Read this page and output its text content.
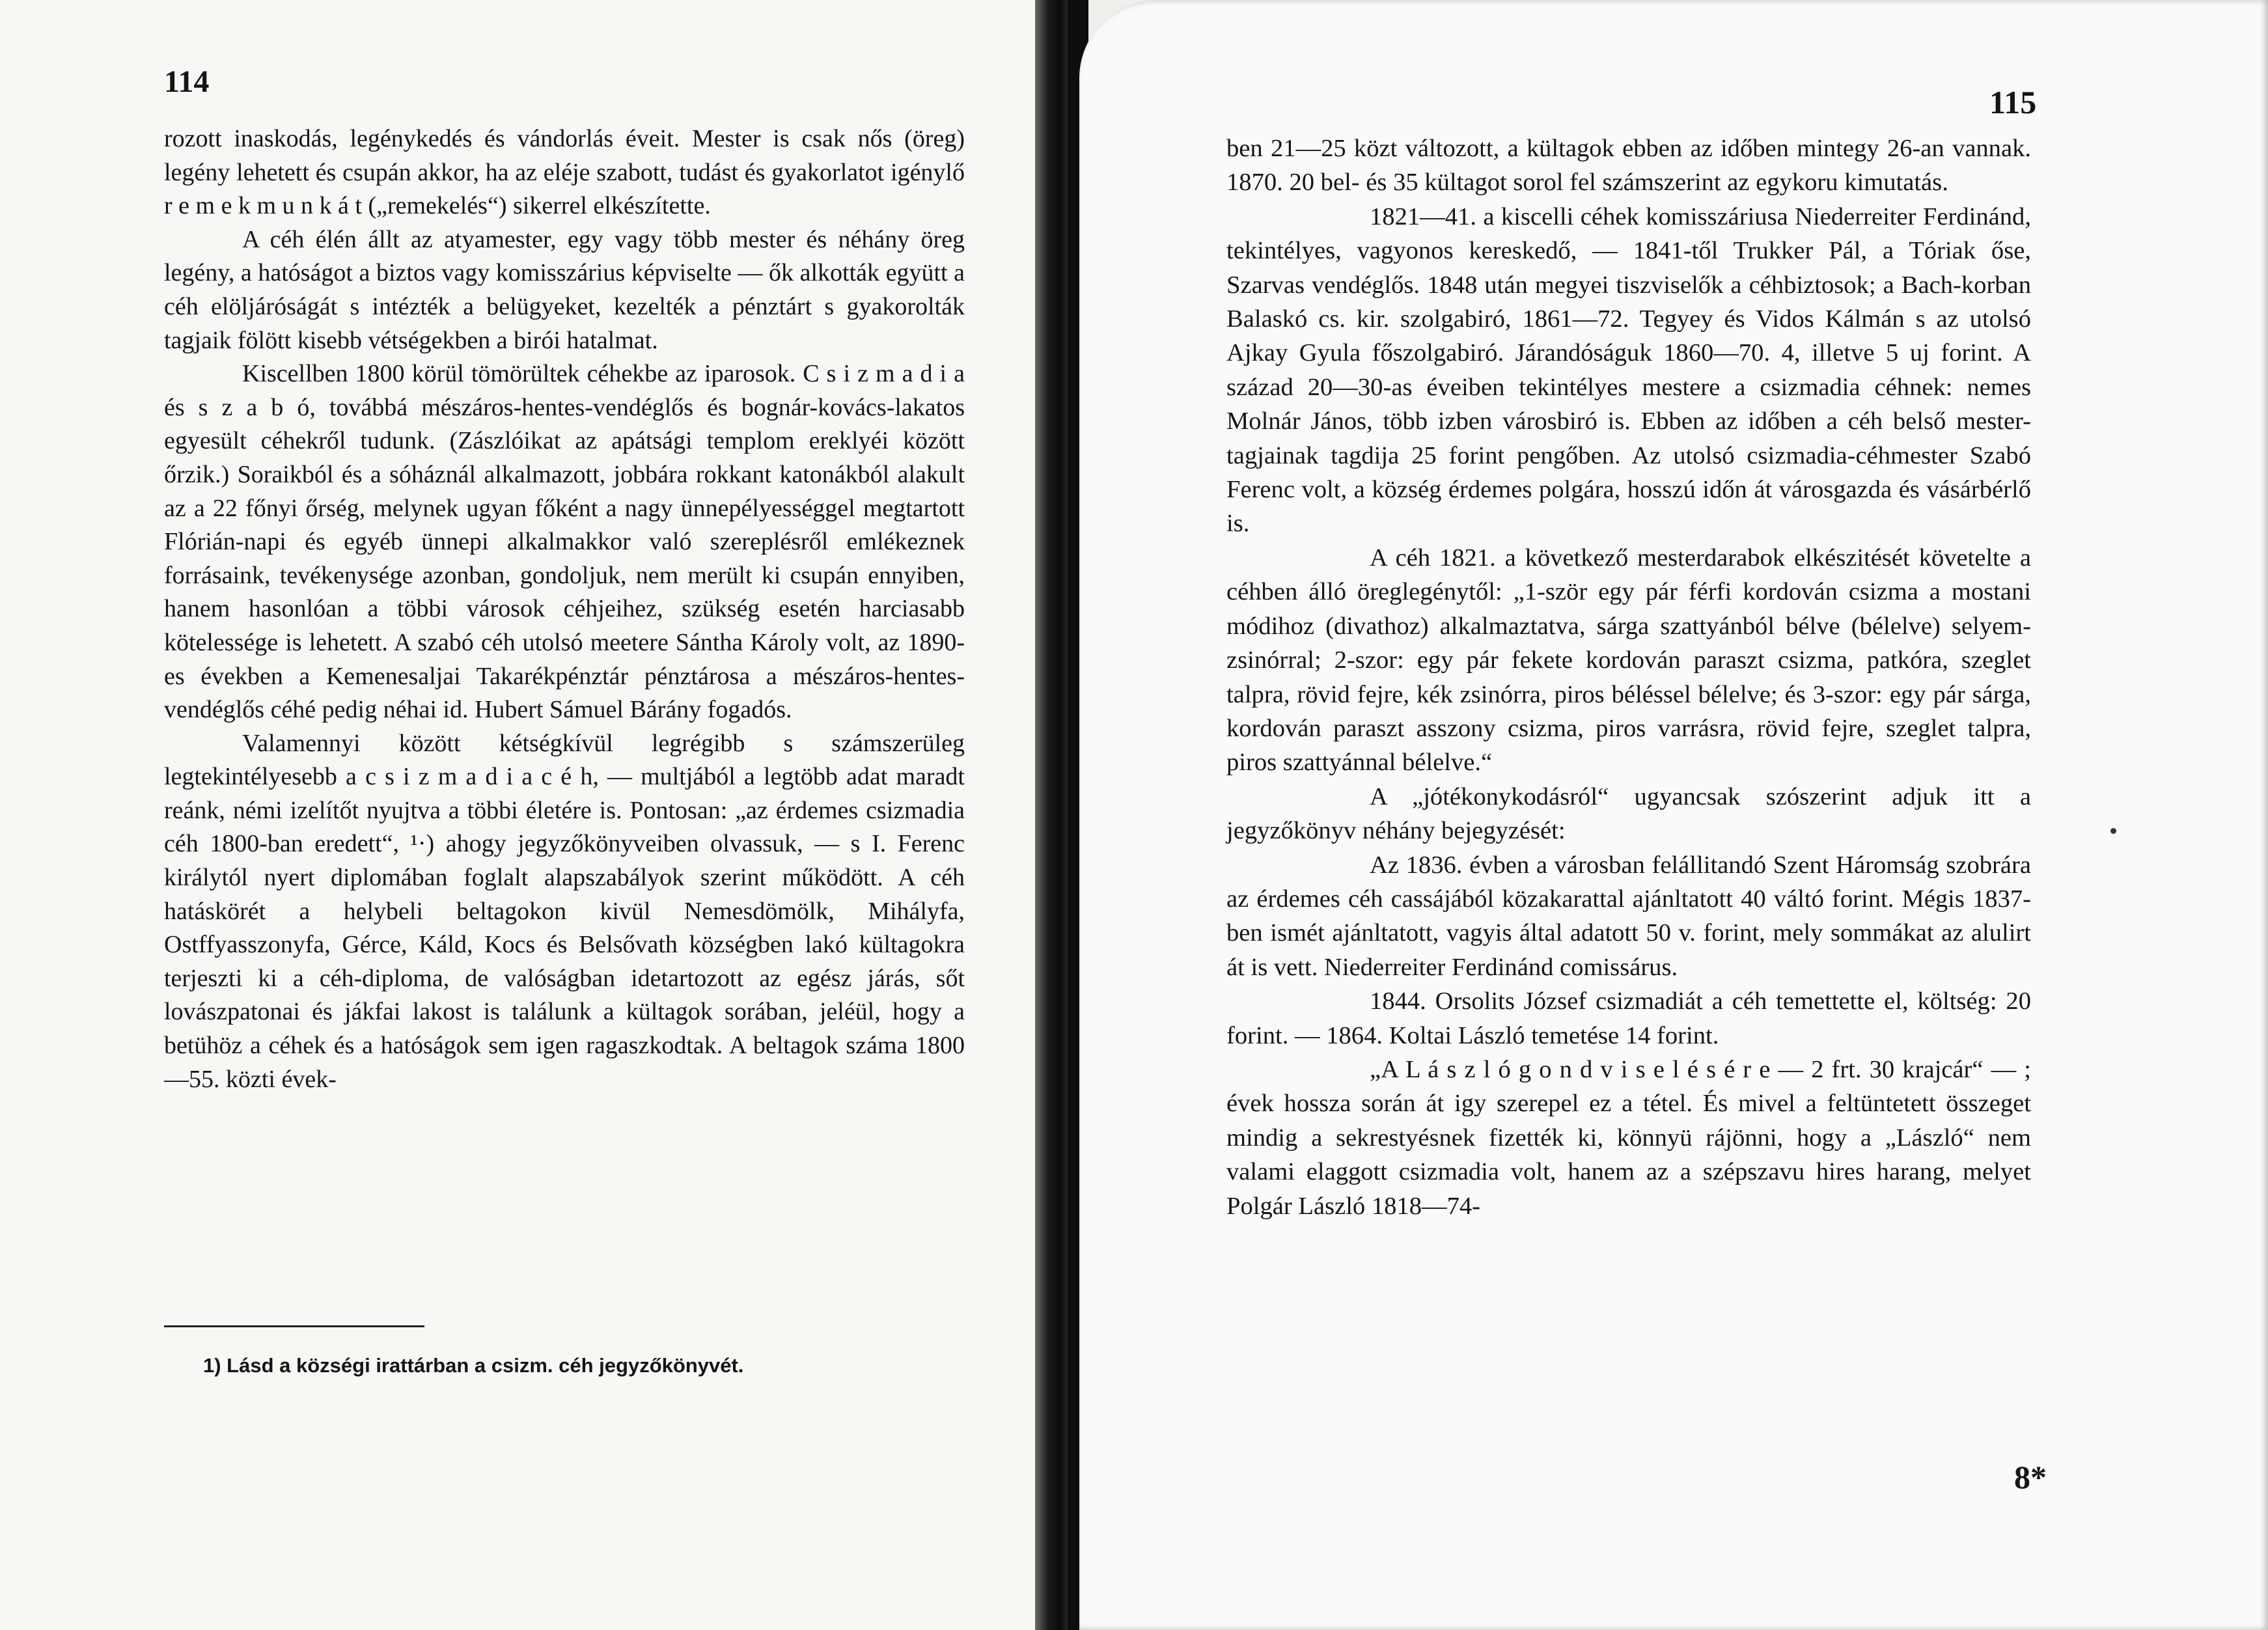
114

rozott inaskodás, legénykedés és vándorlás éveit. Mester is csak nős (öreg) legény lehetett és csupán akkor, ha az eléje szabott, tudást és gyakorlatot igénylő r e m e k m u n k á t („remekelés“) sikerrel elkészítette.

A céh élén állt az atyamester, egy vagy több mester és néhány öreg legény, a hatóságot a biztos vagy komisszárius képviselte — ők alkották együtt a céh elöljáróságát s intézték a belügyeket, kezelték a pénztárt s gyakorolták tagjaik fölött kisebb vétségekben a birói hatalmat.

Kiscellben 1800 körül tömörültek céhekbe az iparosok. C s i z m a d i a és s z a b ó, továbbá mészáros-hentes-vendéglős és bognár-kovács-lakatos egyesült céhekről tudunk. (Zászlóikat az apátsági templom ereklyéi között őrzik.) Soraikból és a sóháznál alkalmazott, jobbára rokkant katonákból alakult az a 22 főnyi őrség, melynek ugyan főként a nagy ünnepélyességgel megtartott Flórián-napi és egyéb ünnepi alkalmakkor való szereplésről emlékeznek forrásaink, tevékenysége azonban, gondoljuk, nem merült ki csupán ennyiben, hanem hasonlóan a többi városok céhjeihez, szükség esetén harciasabb kötelessége is lehetett. A szabó céh utolsó meetere Sántha Károly volt, az 1890-es években a Kemenesaljai Takarékpénztár pénztárosa a mészáros-hentes-vendéglős céhé pedig néhai id. Hubert Sámuel Bárány fogadós.

Valamennyi között kétségkívül legrégibb s számszerüleg legtekintélyesebb a c s i z m a d i a c é h, — multjából a legtöbb adat maradt reánk, némi izelítőt nyujtva a többi életére is. Pontosan: „az érdemes csizmadia céh 1800-ban eredett“, ¹·) ahogy jegyzőkönyveiben olvassuk, — s I. Ferenc királytól nyert diplomában foglalt alapszabályok szerint működött. A céh hatáskörét a helybeli beltagokon kivül Nemesdömölk, Mihályfa, Ostffyasszonyfa, Gérce, Káld, Kocs és Belsővath községben lakó kültagokra terjeszti ki a céh-diploma, de valóságban idetartozott az egész járás, sőt lovászpatonai és jákfai lakost is találunk a kültagok sorában, jeléül, hogy a betühöz a céhek és a hatóságok sem igen ragaszkodtak. A beltagok száma 1800—55. közti évek-

1) Lásd a községi irattárban a csizm. céh jegyzőkönyvét.
115

ben 21—25 közt változott, a kültagok ebben az időben mintegy 26-an vannak. 1870. 20 bel- és 35 kültagot sorol fel számszerint az egykoru kimutatás.

1821—41. a kiscelli céhek komisszáriusa Niederreiter Ferdinánd, tekintélyes, vagyonos kereskedő, — 1841-től Trukker Pál, a Tóriak őse, Szarvas vendéglős. 1848 után megyei tiszviselők a céhbiztosok; a Bach-korban Balaskó cs. kir. szolgabiró, 1861—72. Tegyey és Vidos Kálmán s az utolsó Ajkay Gyula főszolgabiró. Járandóságuk 1860—70. 4, illetve 5 uj forint. A század 20—30-as éveiben tekintélyes mestere a csizmadia céhnek: nemes Molnár János, több izben városbiró is. Ebben az időben a céh belső mester-tagjainak tagdija 25 forint pengőben. Az utolsó csizmadia-céhmester Szabó Ferenc volt, a község érdemes polgára, hosszú időn át városgazda és vásárbérlő is.

A céh 1821. a következő mesterdarabok elkészitését követelte a céhben álló öreglegénytől: „1-ször egy pár férfi kordován csizma a mostani módihoz (divathoz) alkalmaztatva, sárga szattyánból bélve (bélelve) selyem-zsinórral; 2-szor: egy pár fekete kordován paraszt csizma, patkóra, szeglet talpra, rövid fejre, kék zsinórra, piros béléssel bélelve; és 3-szor: egy pár sárga, kordován paraszt asszony csizma, piros varrásra, rövid fejre, szeglet talpra, piros szattyánnal bélelve.“

A „jótékonykodásról“ ugyancsak szószerint adjuk itt a jegyzőkönyv néhány bejegyzését:

Az 1836. évben a városban felállitandó Szent Háromság szobrára az érdemes céh cassájából közakarattal ajánltatott 40 váltó forint. Mégis 1837-ben ismét ajánltatott, vagyis által adatott 50 v. forint, mely sommákat az alulirt át is vett. Niederreiter Ferdinánd comissárus.

1844. Orsolits József csizmadiát a céh temettette el, költség: 20 forint. — 1864. Koltai László temetése 14 forint.

„A L á s z l ó g o n d v i s e l é s é r e — 2 frt. 30 krajcár“ — ; évek hossza során át igy szerepel ez a tétel. És mivel a feltüntetett összeget mindig a sekrestyésnek fizették ki, könnyü rájönni, hogy a „László“ nem valami elaggott csizmadia volt, hanem az a szépszavu hires harang, melyet Polgár László 1818—74-

8*
